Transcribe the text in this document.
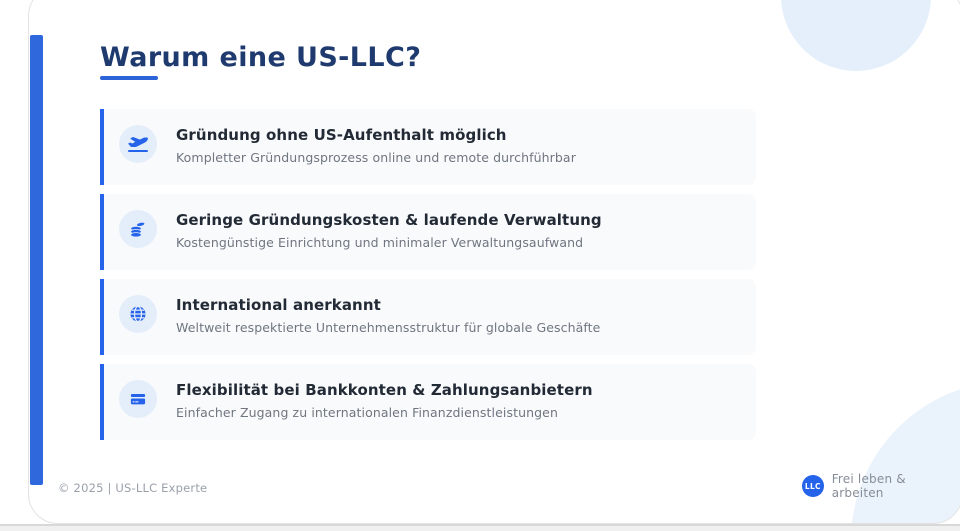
Warum eine US-LLC?
Gründung ohne US-Aufenthalt möglich
Kompletter Gründungsprozess online und remote durchführbar
Geringe Gründungskosten & laufende Verwaltung
Kostengünstige Einrichtung und minimaler Verwaltungsaufwand
International anerkannt
Weltweit respektierte Unternehmensstruktur für globale Geschäfte
Flexibilität bei Bankkonten & Zahlungsanbietern
Einfacher Zugang zu internationalen Finanzdienstleistungen
© 2025 | US-LLC Experte	LLC Frei leben & arbeiten
